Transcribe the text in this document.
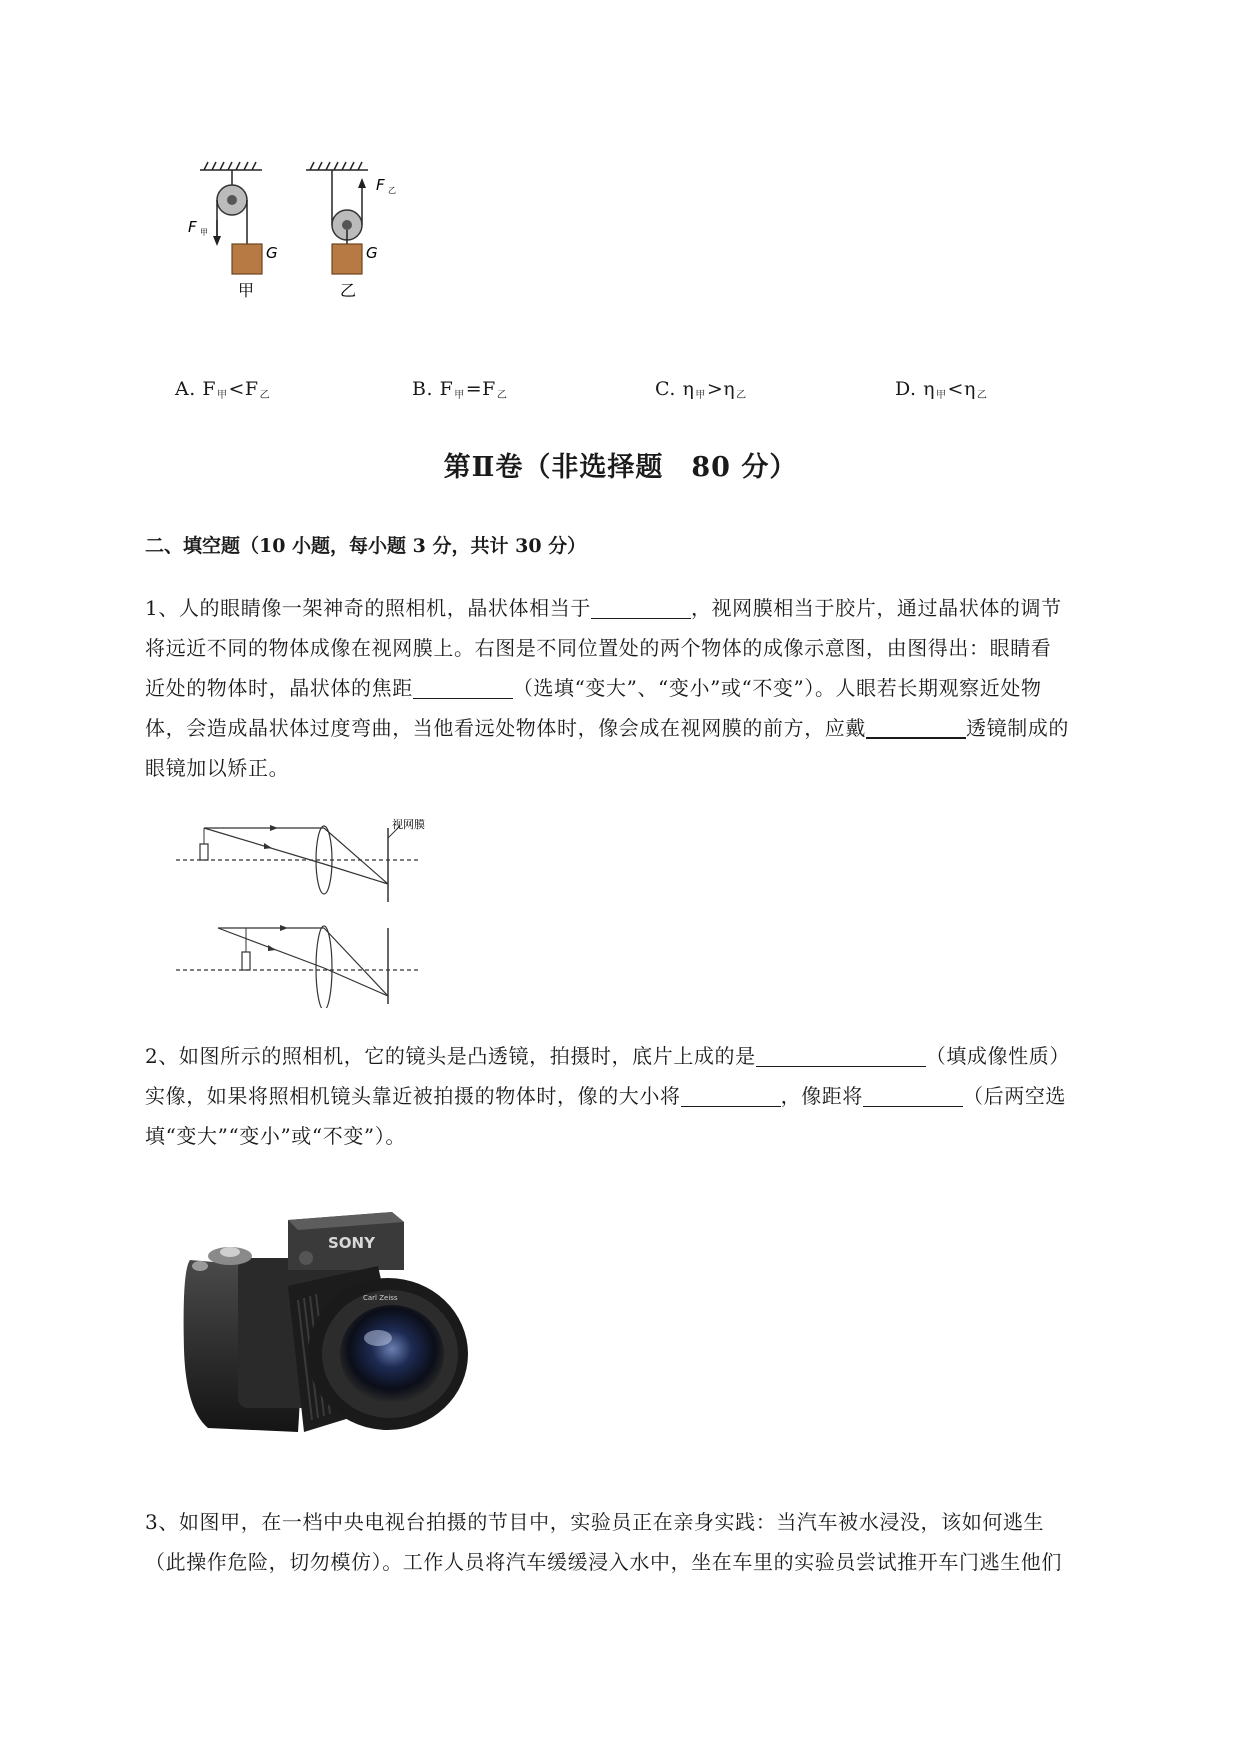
F 甲
G
甲
F 乙
G
乙
A. $F_甲<F_乙$	B. $F_甲=F_乙$	C. $\eta_甲>\eta_乙$	D. $\eta_甲<\eta_乙$
第Ⅱ卷（非选择题　80 分）
二、填空题（10 小题，每小题 3 分，共计 30 分）
1、人的眼睛像一架神奇的照相机，晶状体相当于	，视网膜相当于胶片，通过晶状体的调节
将远近不同的物体成像在视网膜上。右图是不同位置处的两个物体的成像示意图，由图得出：眼睛看
近处的物体时，晶状体的焦距	（选填“变大”、“变小”或“不变”）。人眼若长期观察近处物
体，会造成晶状体过度弯曲，当他看远处物体时，像会成在视网膜的前方，应戴	透镜制成的
眼镜加以矫正。
视网膜
2、如图所示的照相机，它的镜头是凸透镜，拍摄时，底片上成的是	（填成像性质）
实像，如果将照相机镜头靠近被拍摄的物体时，像的大小将	，像距将	（后两空选
填“变大”“变小”或“不变”）。
SONY
Carl Zeiss
3、如图甲，在一档中央电视台拍摄的节目中，实验员正在亲身实践：当汽车被水浸没，该如何逃生
（此操作危险，切勿模仿）。工作人员将汽车缓缓浸入水中，坐在车里的实验员尝试推开车门逃生他们
